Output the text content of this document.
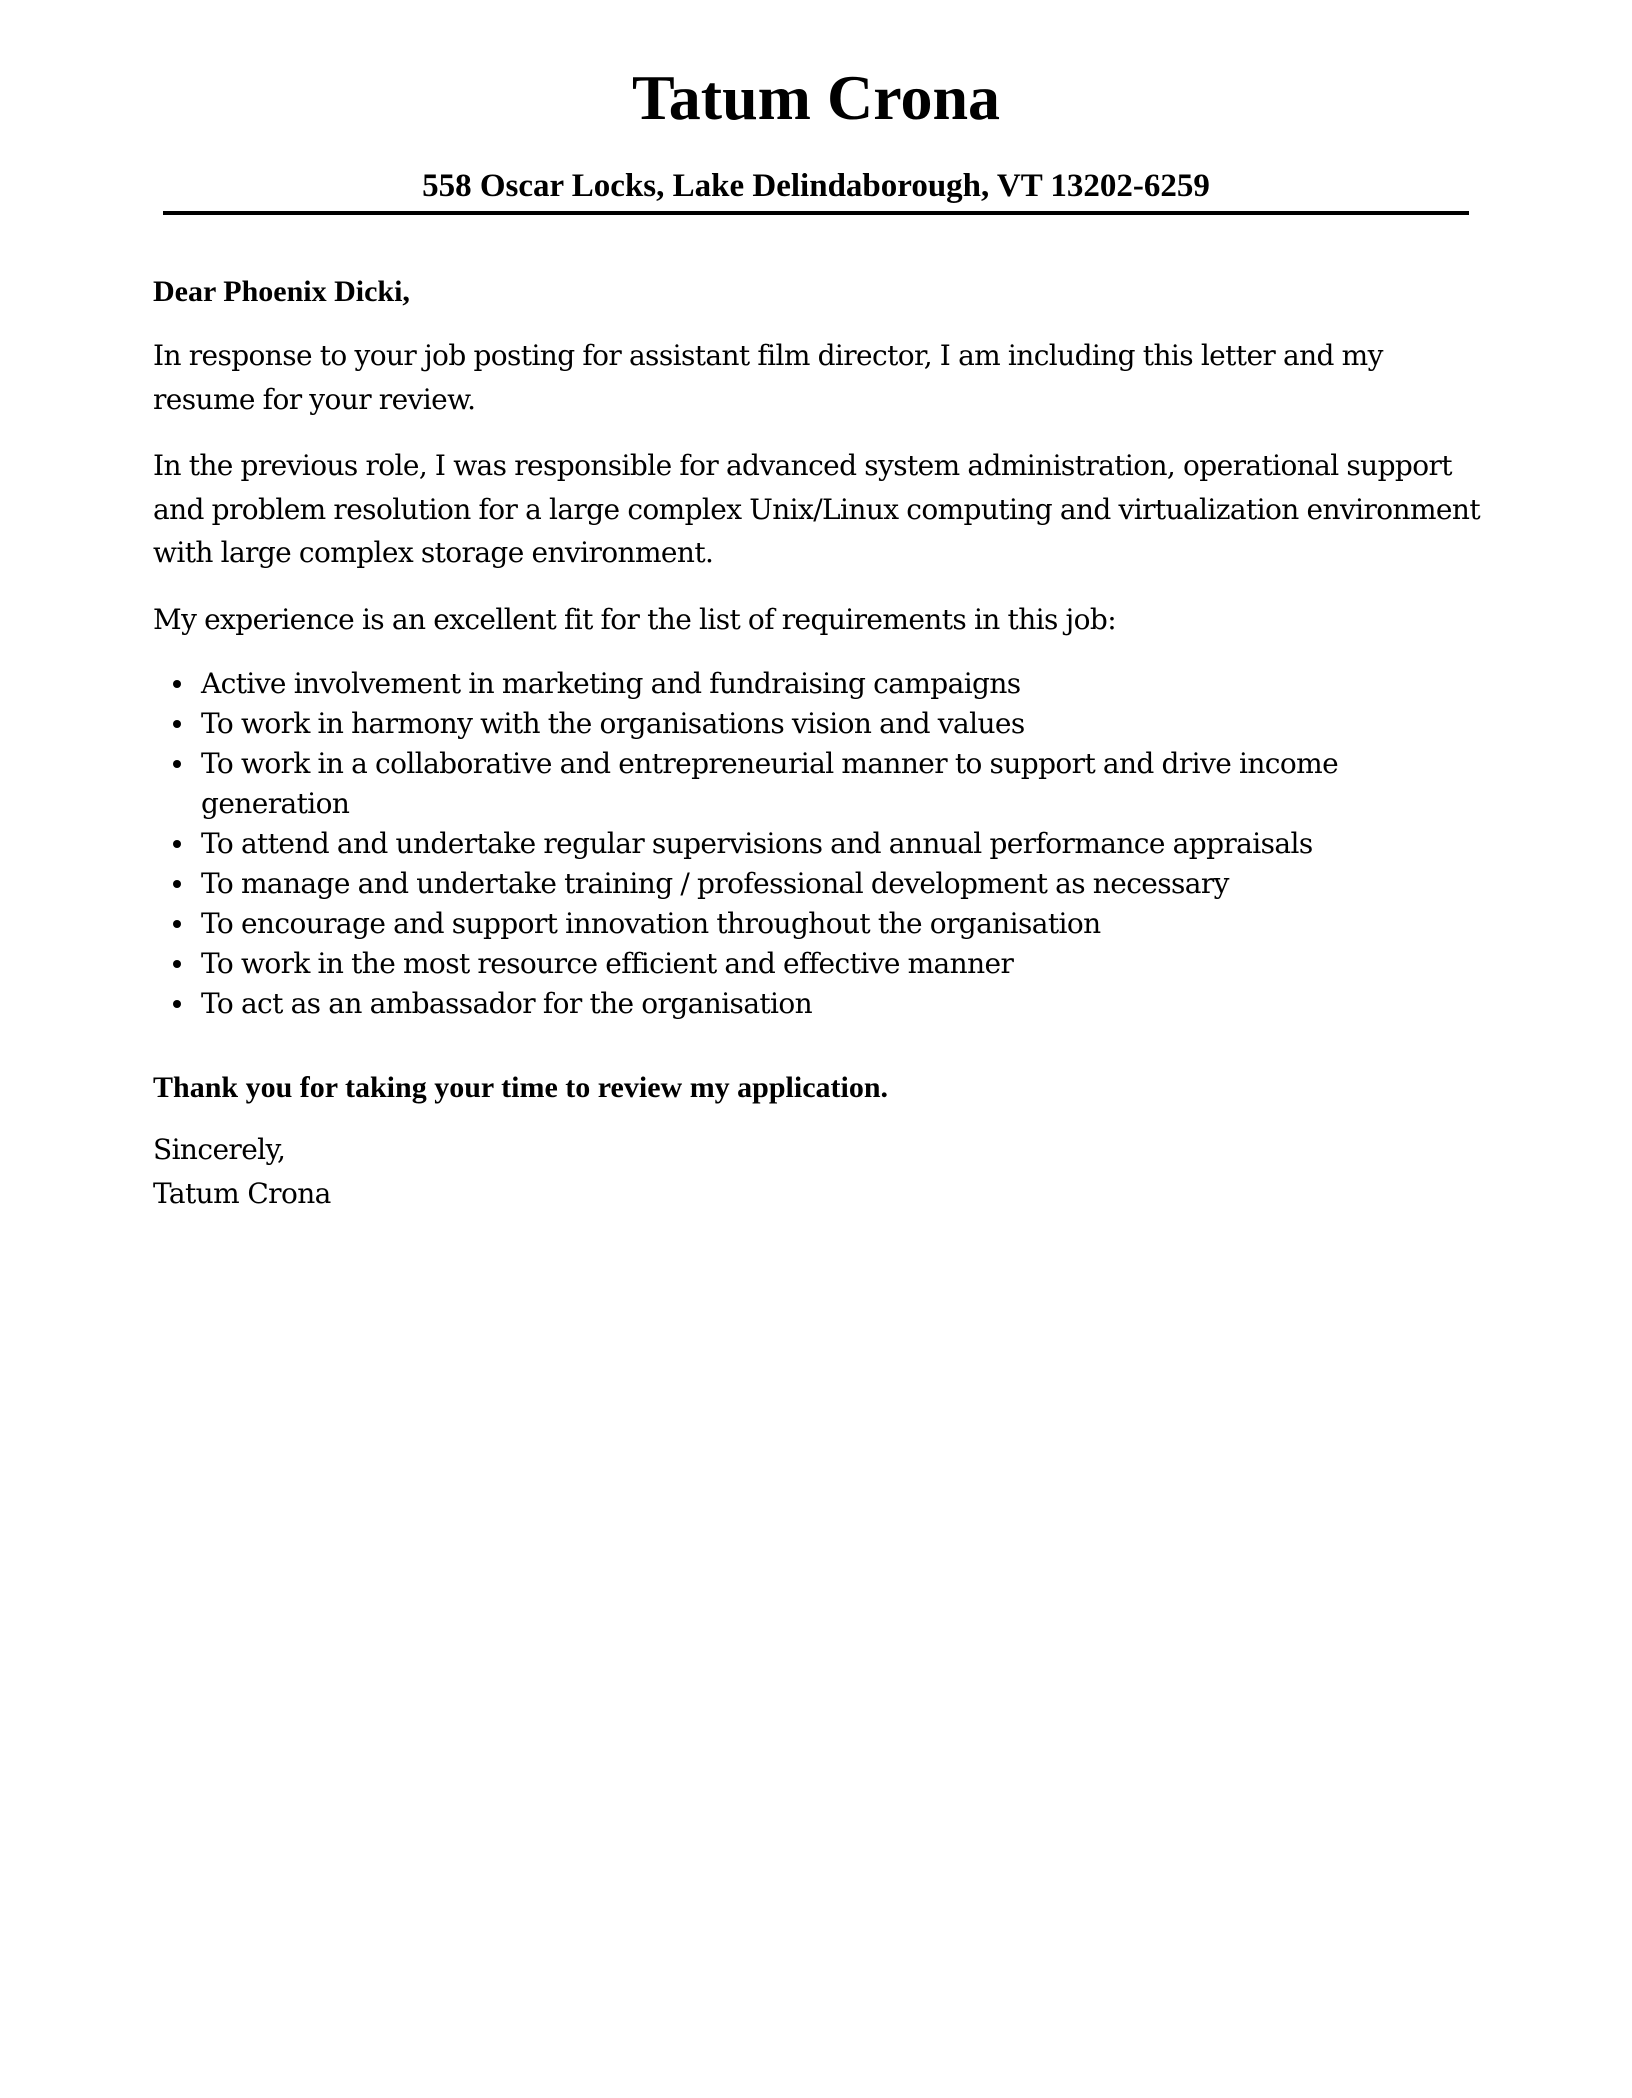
Tatum Crona

558 Oscar Locks, Lake Delindaborough, VT 13202-6259

Dear Phoenix Dicki,

In response to your job posting for assistant film director, I am including this letter and my resume for your review.

In the previous role, I was responsible for advanced system administration, operational support and problem resolution for a large complex Unix/Linux computing and virtualization environment with large complex storage environment.

My experience is an excellent fit for the list of requirements in this job:

Active involvement in marketing and fundraising campaigns
To work in harmony with the organisations vision and values
To work in a collaborative and entrepreneurial manner to support and drive income generation
To attend and undertake regular supervisions and annual performance appraisals
To manage and undertake training / professional development as necessary
To encourage and support innovation throughout the organisation
To work in the most resource efficient and effective manner
To act as an ambassador for the organisation

Thank you for taking your time to review my application.

Sincerely,

Tatum Crona
